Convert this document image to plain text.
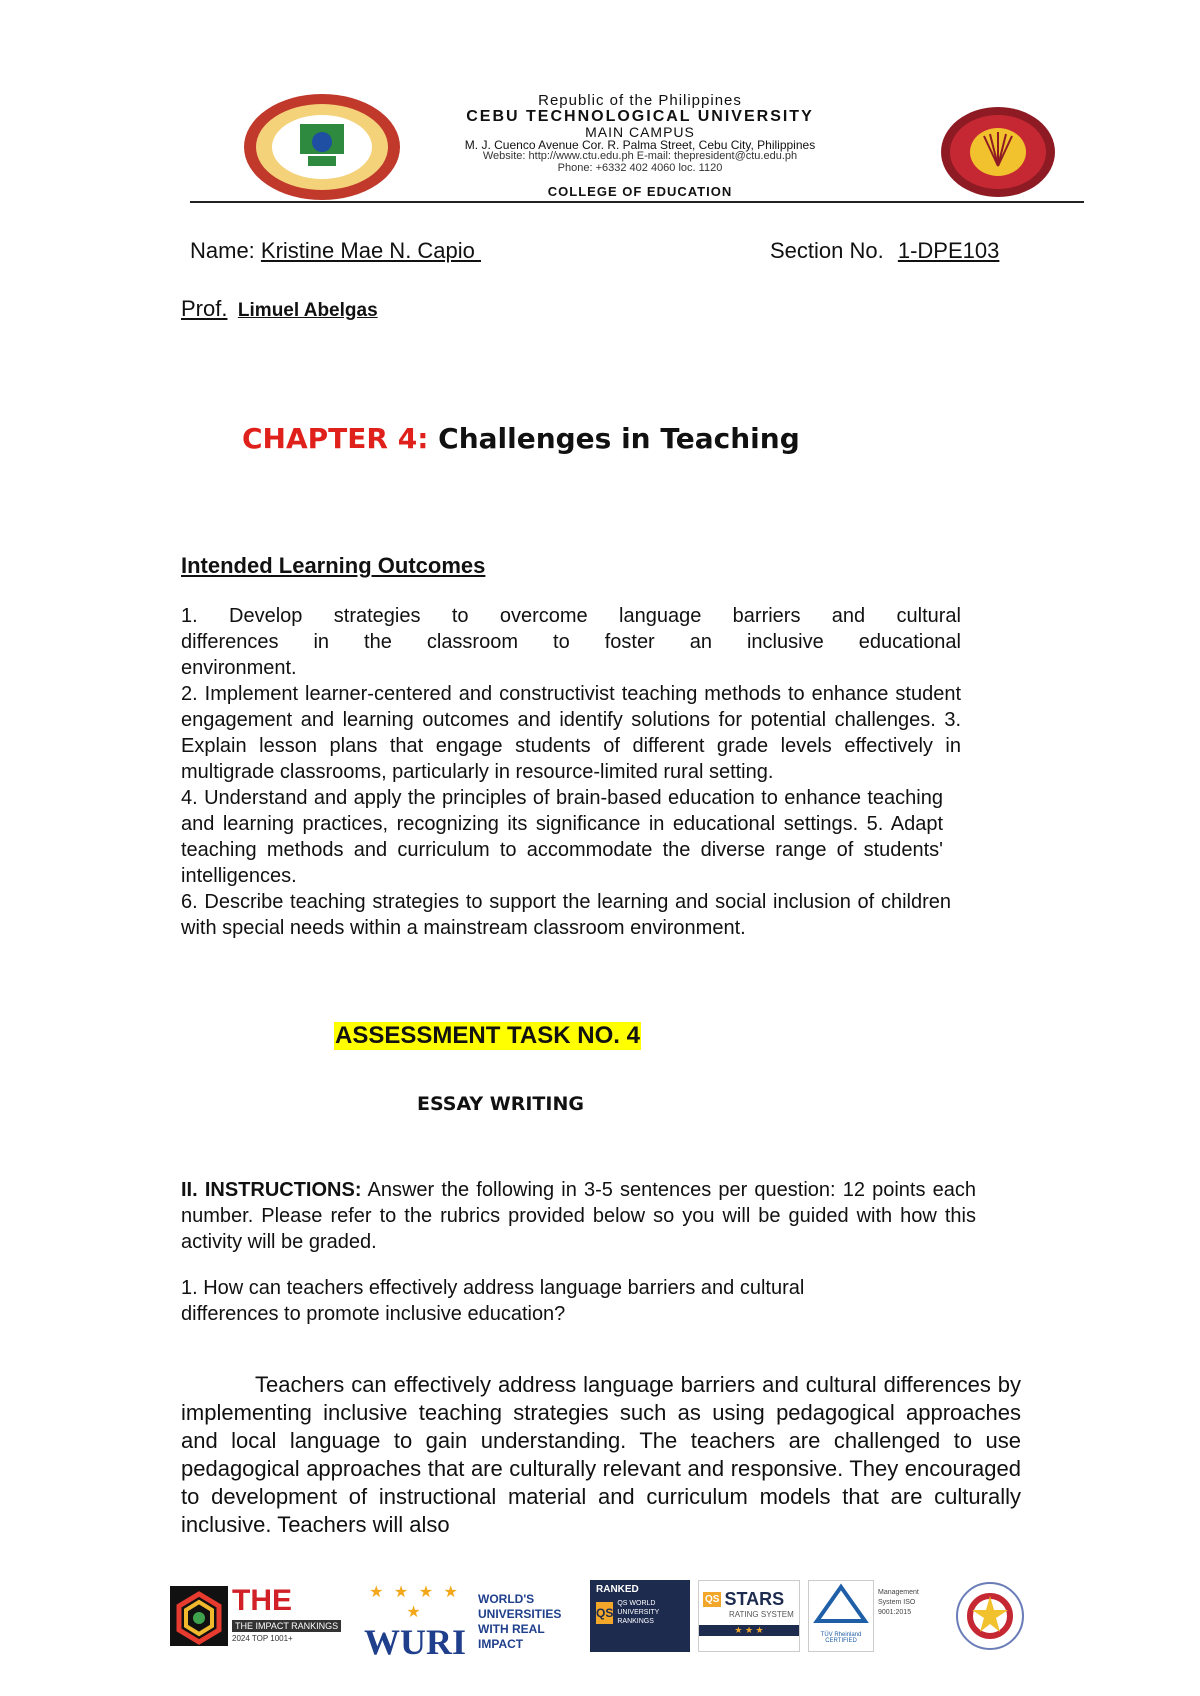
Republic of the Philippines
CEBU TECHNOLOGICAL UNIVERSITY
MAIN CAMPUS
M. J. Cuenco Avenue Cor. R. Palma Street, Cebu City, Philippines
Website: http://www.ctu.edu.ph E-mail: thepresident@ctu.edu.ph
Phone: +6332 402 4060 loc. 1120
COLLEGE OF EDUCATION
Name: Kristine Mae N. Capio	Section No. 1-DPE103
Prof. Limuel Abelgas
CHAPTER 4: Challenges in Teaching
Intended Learning Outcomes

1. Develop strategies to overcome language barriers and cultural

differences in the classroom to foster an inclusive educational

environment.

2. Implement learner-centered and constructivist teaching methods to enhance student engagement and learning outcomes and identify solutions for potential challenges. 3. Explain lesson plans that engage students of different grade levels effectively in multigrade classrooms, particularly in resource-limited rural setting.

4. Understand and apply the principles of brain-based education to enhance teaching and learning practices, recognizing its significance in educational settings. 5. Adapt teaching methods and curriculum to accommodate the diverse range of students' intelligences.

6. Describe teaching strategies to support the learning and social inclusion of children with special needs within a mainstream classroom environment.

ASSESSMENT TASK NO. 4
ESSAY WRITING
II. INSTRUCTIONS: Answer the following in 3-5 sentences per question: 12 points each number. Please refer to the rubrics provided below so you will be guided with how this activity will be graded.
1. How can teachers effectively address language barriers and cultural differences to promote inclusive education?

Teachers can effectively address language barriers and cultural differences by implementing inclusive teaching strategies such as using pedagogical approaches and local language to gain understanding. The teachers are challenged to use pedagogical approaches that are culturally relevant and responsive. They encouraged to development of instructional material and curriculum models that are culturally inclusive. Teachers will also

THE
THE IMPACT RANKINGS
2024 TOP 1001+
★ ★ ★ ★ ★
WURI
WORLD'S UNIVERSITIES WITH REAL IMPACT
RANKED
QS
QS WORLD UNIVERSITY RANKINGS
QS STARS
RATING SYSTEM
★ ★ ★	TÜV Rheinland CERTIFIED
Management System ISO 9001:2015
